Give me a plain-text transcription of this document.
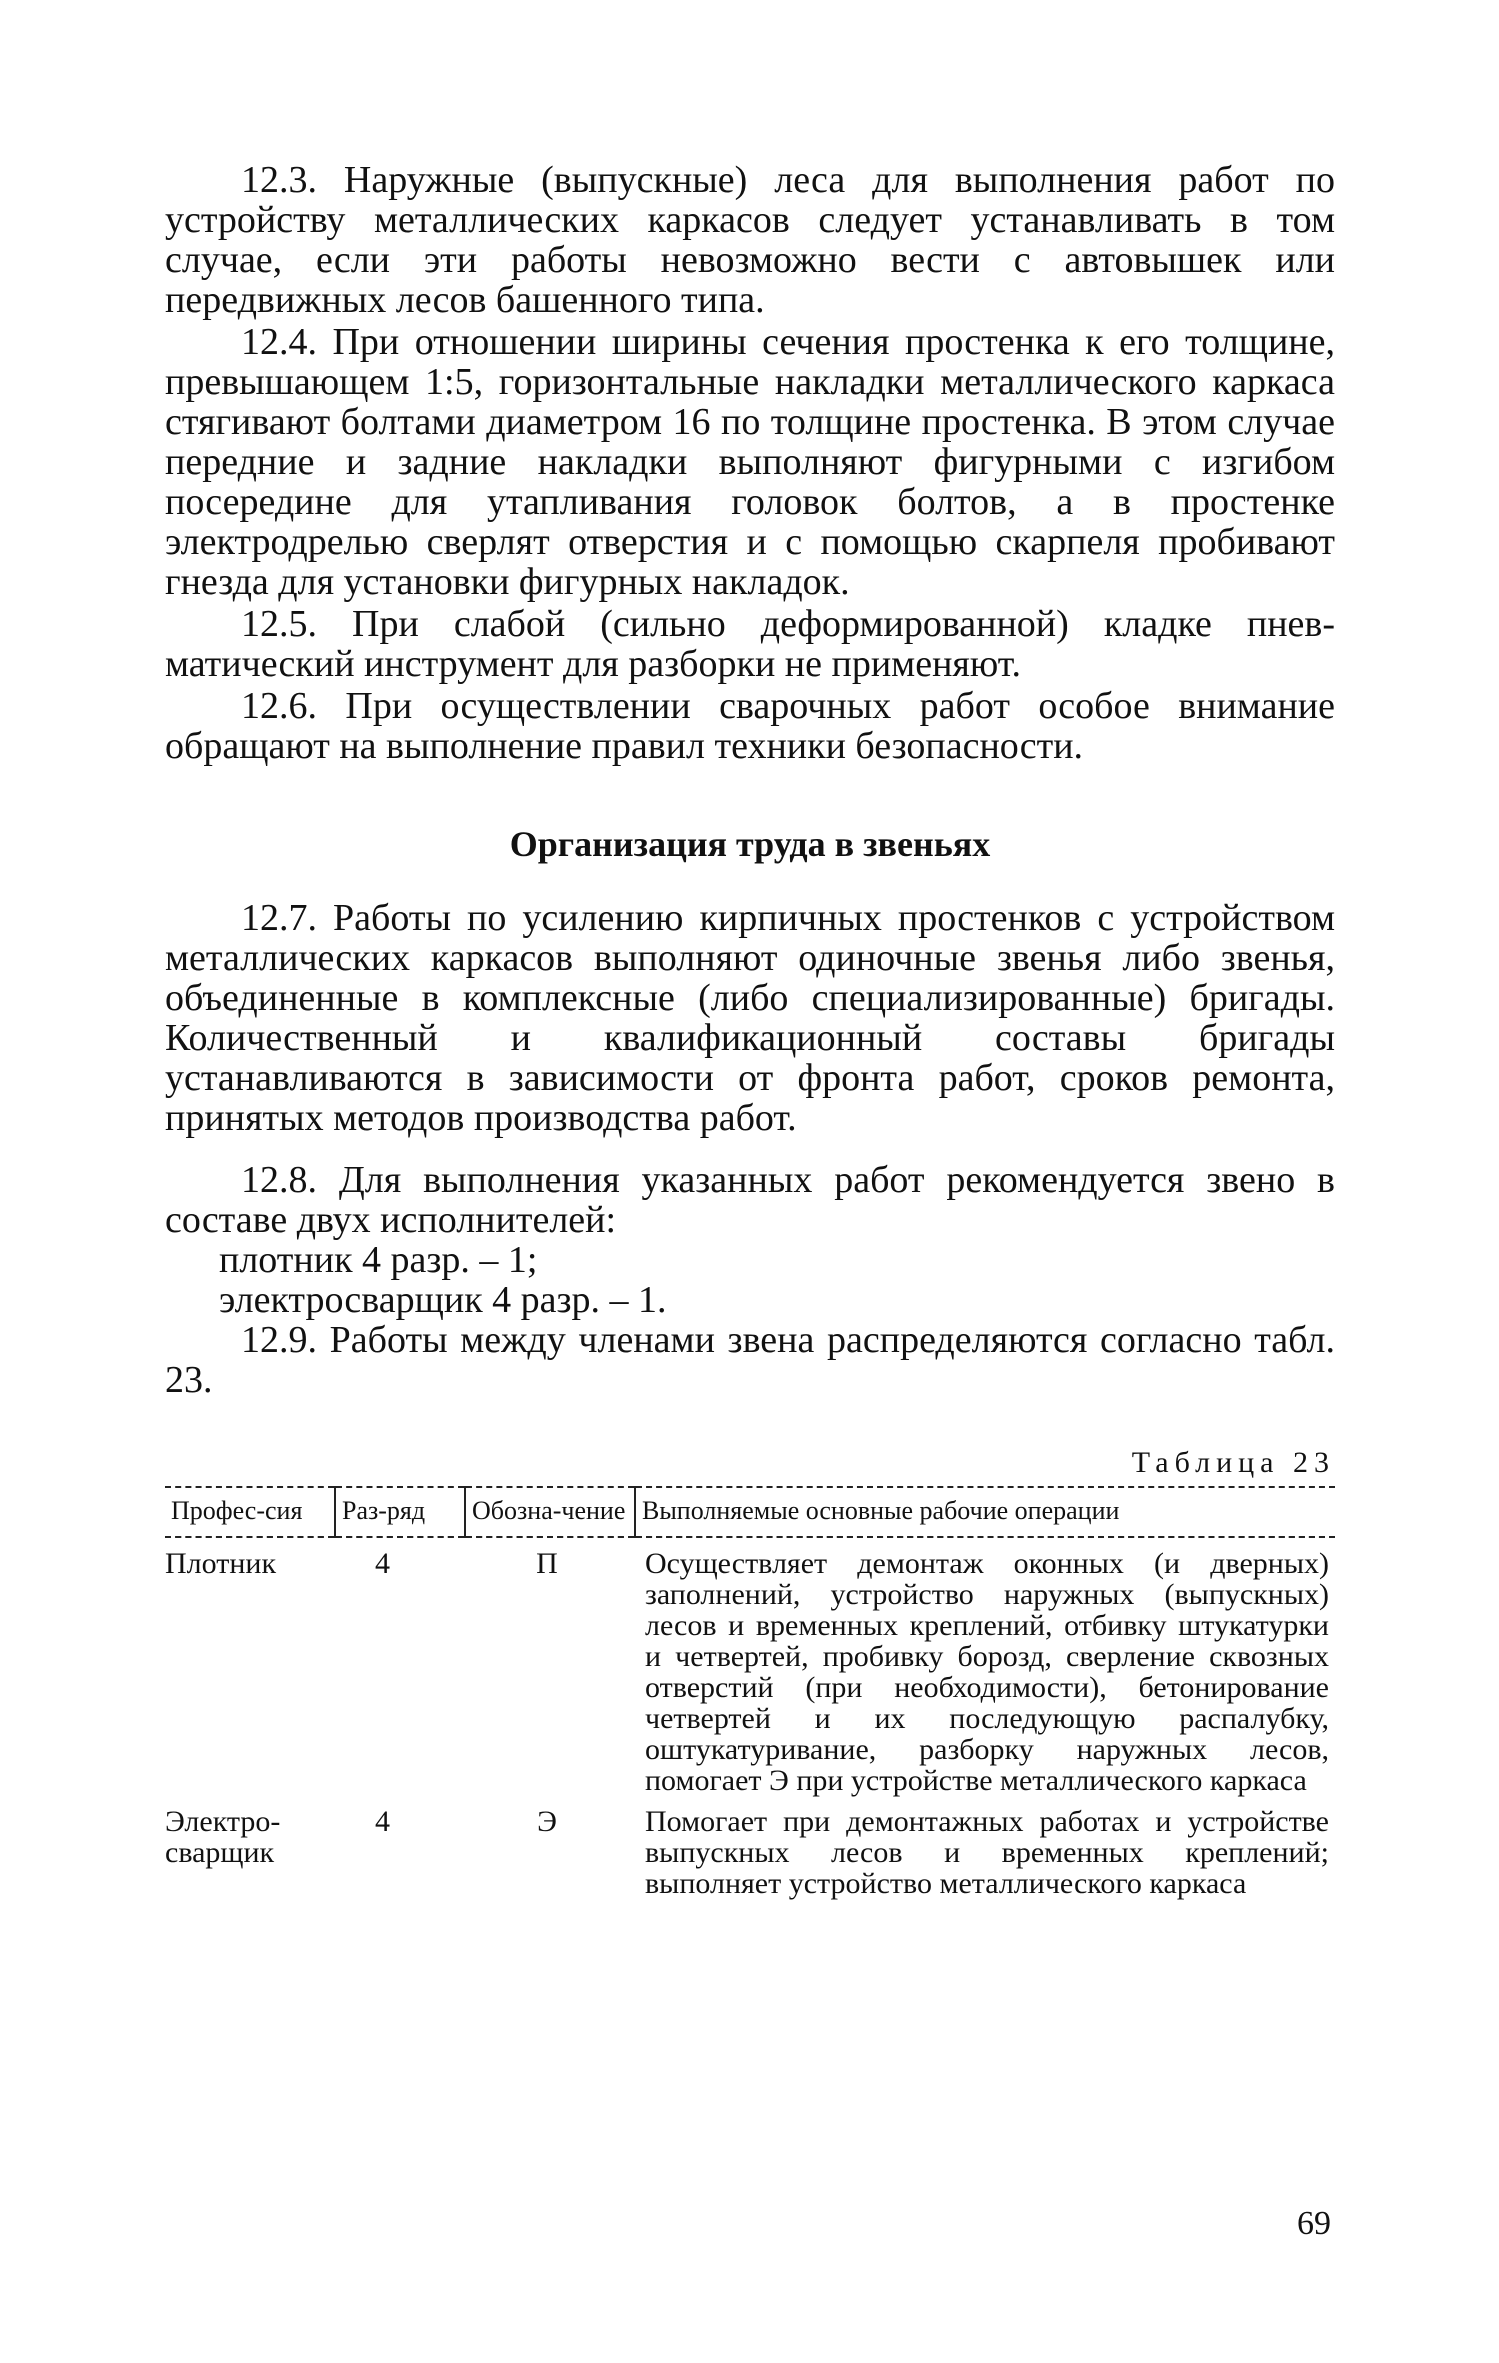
12.3. Наружные (выпускные) леса для выполнения работ по устройству металлических каркасов следует устанавливать в том случае, если эти работы невозможно вести с автовышек или передвижных лесов башенного типа.

12.4. При отношении ширины сечения простенка к его толщине, превышающем 1:5, горизонтальные накладки металлического каркаса стягивают болтами диаметром 16 по толщине простенка. В этом случае передние и задние накладки выполняют фигурными с изгибом посередине для утапливания головок болтов, а в простенке электродрелью сверлят отверстия и с помощью скарпеля пробивают гнезда для установки фигурных накладок.

12.5. При слабой (сильно деформированной) кладке пневматический инструмент для разборки не применяют.

12.6. При осуществлении сварочных работ особое внимание обращают на выполнение правил техники безопасности.

Организация труда в звеньях

12.7. Работы по усилению кирпичных простенков с устройством металлических каркасов выполняют одиночные звенья либо звенья, объединенные в комплексные (либо специализированные) бригады. Количественный и квалификационный составы бригады устанавливаются в зависимости от фронта работ, сроков ремонта, принятых методов производства работ.

12.8. Для выполнения указанных работ рекомендуется звено в составе двух исполнителей:

плотник 4 разр. – 1;
электросварщик 4 разр. – 1.

12.9. Работы между членами звена распределяются согласно табл. 23.

Таблица 23
Профес-сия	Раз-ряд	Обозна-чение	Выполняемые основные рабочие операции
Плотник	4	П	Осуществляет демонтаж оконных (и дверных) заполнений, устройство наружных (выпускных) лесов и временных креплений, отбивку штукатурки и четвертей, пробивку борозд, сверление сквозных отверстий (при необходимости), бетонирование четвертей и их последующую распалубку, оштукатуривание, разборку наружных лесов, помогает Э при устройстве металлического каркаса
Электро-сварщик	4	Э	Помогает при демонтажных работах и устройстве выпускных лесов и временных креплений; выполняет устройство металлического каркаса
69
